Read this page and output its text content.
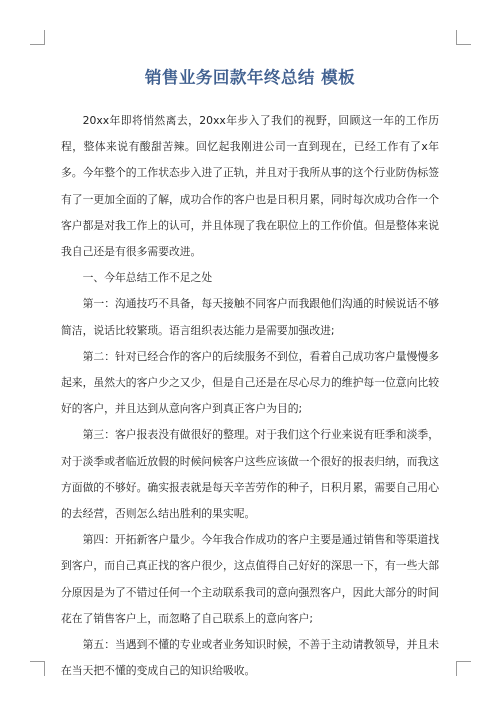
销售业务回款年终总结 模板

20xx年即将悄然离去，20xx年步入了我们的视野，回顾这一年的工作历程，整体来说有酸甜苦辣。回忆起我刚进公司一直到现在，已经工作有了x年多。今年整个的工作状态步入进了正轨，并且对于我所从事的这个行业防伪标签有了一更加全面的了解，成功合作的客户也是日积月累，同时每次成功合作一个客户都是对我工作上的认可，并且体现了我在职位上的工作价值。但是整体来说我自己还是有很多需要改进。

一、今年总结工作不足之处

第一：沟通技巧不具备，每天接触不同客户而我跟他们沟通的时候说话不够简洁，说话比较繁琐。语言组织表达能力是需要加强改进;

第二：针对已经合作的客户的后续服务不到位，看着自己成功客户量慢慢多起来，虽然大的客户少之又少，但是自己还是在尽心尽力的维护每一位意向比较好的客户，并且达到从意向客户到真正客户为目的;

第三：客户报表没有做很好的整理。对于我们这个行业来说有旺季和淡季，对于淡季或者临近放假的时候问候客户这些应该做一个很好的报表归纳，而我这方面做的不够好。确实报表就是每天辛苦劳作的种子，日积月累，需要自己用心的去经营，否则怎么结出胜利的果实呢。

第四：开拓新客户量少。今年我合作成功的客户主要是通过销售和等渠道找到客户，而自己真正找的客户很少，这点值得自己好好的深思一下，有一些大部分原因是为了不错过任何一个主动联系我司的意向强烈客户，因此大部分的时间花在了销售客户上，而忽略了自己联系上的意向客户;

第五：当遇到不懂的专业或者业务知识时候，不善于主动请教领导，并且未在当天把不懂的变成自己的知识给吸收。
